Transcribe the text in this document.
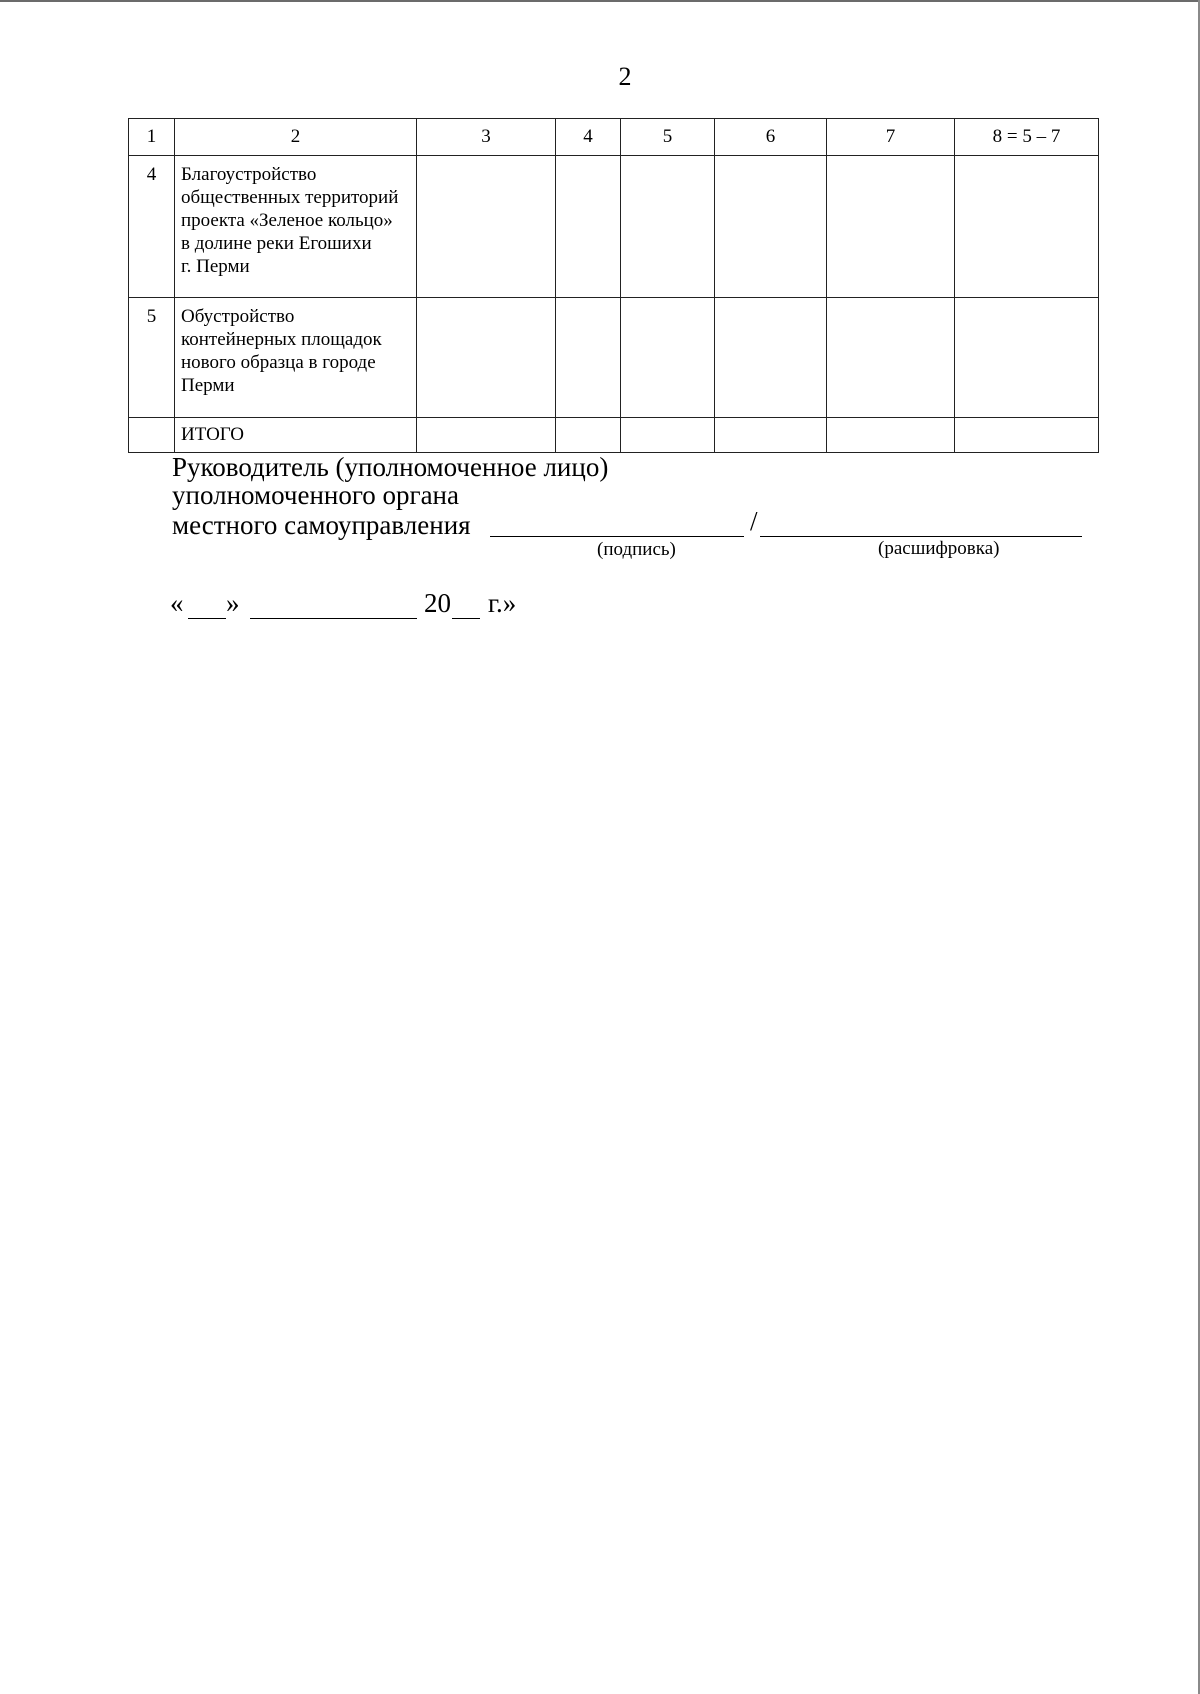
2
1	2	3	4	5	6	7	8 = 5 – 7
4	Благоустройство
общественных территорий
проекта «Зеленое кольцо»
в долине реки Егошихи
г. Перми						

5	Обустройство
контейнерных площадок
нового образца в городе
Перми						

	ИТОГО						
Руководитель (уполномоченное лицо)
уполномоченного органа
местного самоуправления	/
(подпись)	(расшифровка)
« »	20 г.»
